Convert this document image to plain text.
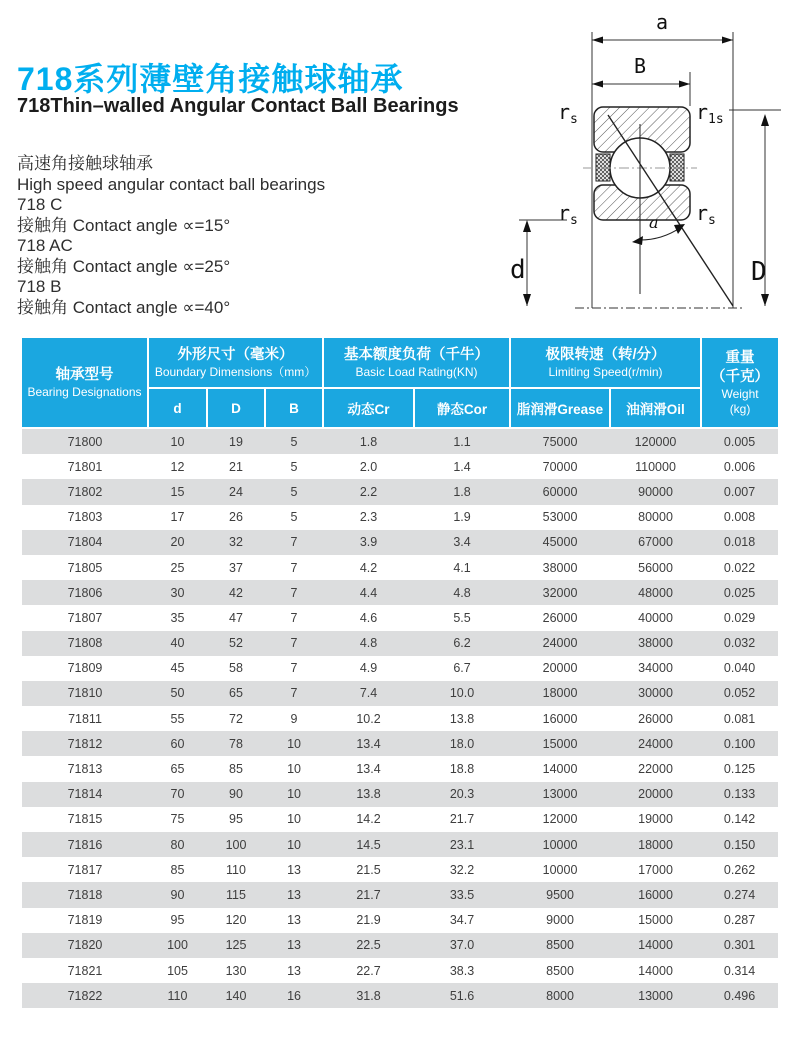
718系列薄壁角接触球轴承
718Thin–walled Angular Contact Ball Bearings
高速角接触球轴承
High speed angular contact ball bearings
718 C
接触角 Contact angle ∝=15°
718 AC
接触角 Contact angle ∝=25°
718 B
接触角 Contact angle ∝=40°
a
B
a
d	D
$r_s$	$r_{1s}$
$r_s$	$r_s$
轴承型号
Bearing Designations

外形尺寸（毫米）
Boundary Dimensions（mm）

基本额度负荷（千牛）
Basic Load Rating(KN)

极限转速（转/分）
Limiting Speed(r/min)

重量
（千克）
Weight
(kg)

	d	D	B	动态Cr	静态Cor	脂润滑Grease	油润滑Oil	
71800	10	19	5	1.8	1.1	75000	120000	0.005
71801	12	21	5	2.0	1.4	70000	110000	0.006
71802	15	24	5	2.2	1.8	60000	90000	0.007
71803	17	26	5	2.3	1.9	53000	80000	0.008
71804	20	32	7	3.9	3.4	45000	67000	0.018
71805	25	37	7	4.2	4.1	38000	56000	0.022
71806	30	42	7	4.4	4.8	32000	48000	0.025
71807	35	47	7	4.6	5.5	26000	40000	0.029
71808	40	52	7	4.8	6.2	24000	38000	0.032
71809	45	58	7	4.9	6.7	20000	34000	0.040
71810	50	65	7	7.4	10.0	18000	30000	0.052
71811	55	72	9	10.2	13.8	16000	26000	0.081
71812	60	78	10	13.4	18.0	15000	24000	0.100
71813	65	85	10	13.4	18.8	14000	22000	0.125
71814	70	90	10	13.8	20.3	13000	20000	0.133
71815	75	95	10	14.2	21.7	12000	19000	0.142
71816	80	100	10	14.5	23.1	10000	18000	0.150
71817	85	110	13	21.5	32.2	10000	17000	0.262
71818	90	115	13	21.7	33.5	9500	16000	0.274
71819	95	120	13	21.9	34.7	9000	15000	0.287
71820	100	125	13	22.5	37.0	8500	14000	0.301
71821	105	130	13	22.7	38.3	8500	14000	0.314
71822	110	140	16	31.8	51.6	8000	13000	0.496
